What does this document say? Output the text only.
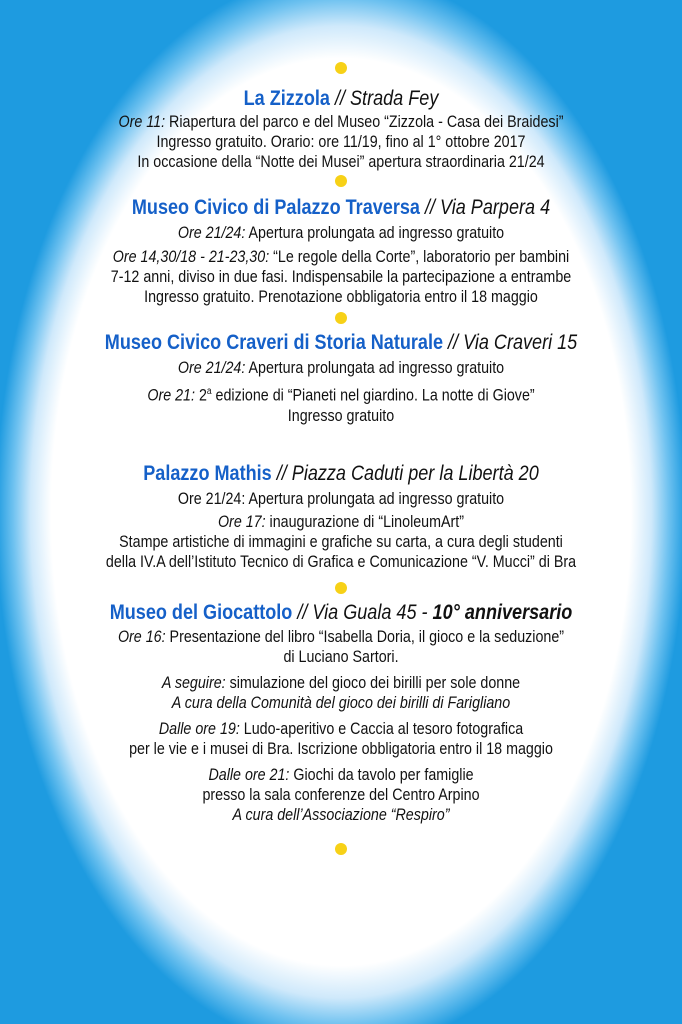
La Zizzola // Strada Fey
Ore 11: Riapertura del parco e del Museo “Zizzola - Casa dei Braidesi”
Ingresso gratuito. Orario: ore 11/19, fino al 1° ottobre 2017
In occasione della “Notte dei Musei” apertura straordinaria 21/24
Museo Civico di Palazzo Traversa // Via Parpera 4
Ore 21/24: Apertura prolungata ad ingresso gratuito
Ore 14,30/18 - 21-23,30: “Le regole della Corte”, laboratorio per bambini
7-12 anni, diviso in due fasi. Indispensabile la partecipazione a entrambe
Ingresso gratuito. Prenotazione obbligatoria entro il 18 maggio
Museo Civico Craveri di Storia Naturale // Via Craveri 15
Ore 21/24: Apertura prolungata ad ingresso gratuito
Ore 21: 2$^a$ edizione di “Pianeti nel giardino. La notte di Giove”
Ingresso gratuito
Palazzo Mathis // Piazza Caduti per la Libertà 20
Ore 21/24: Apertura prolungata ad ingresso gratuito
Ore 17: inaugurazione di “LinoleumArt”
Stampe artistiche di immagini e grafiche su carta, a cura degli studenti
della IV.A dell’Istituto Tecnico di Grafica e Comunicazione “V. Mucci” di Bra
Museo del Giocattolo // Via Guala 45 - 10° anniversario
Ore 16: Presentazione del libro “Isabella Doria, il gioco e la seduzione”
di Luciano Sartori.
A seguire: simulazione del gioco dei birilli per sole donne
A cura della Comunità del gioco dei birilli di Farigliano
Dalle ore 19: Ludo-aperitivo e Caccia al tesoro fotografica
per le vie e i musei di Bra. Iscrizione obbligatoria entro il 18 maggio
Dalle ore 21: Giochi da tavolo per famiglie
presso la sala conferenze del Centro Arpino
A cura dell’Associazione “Respiro”
